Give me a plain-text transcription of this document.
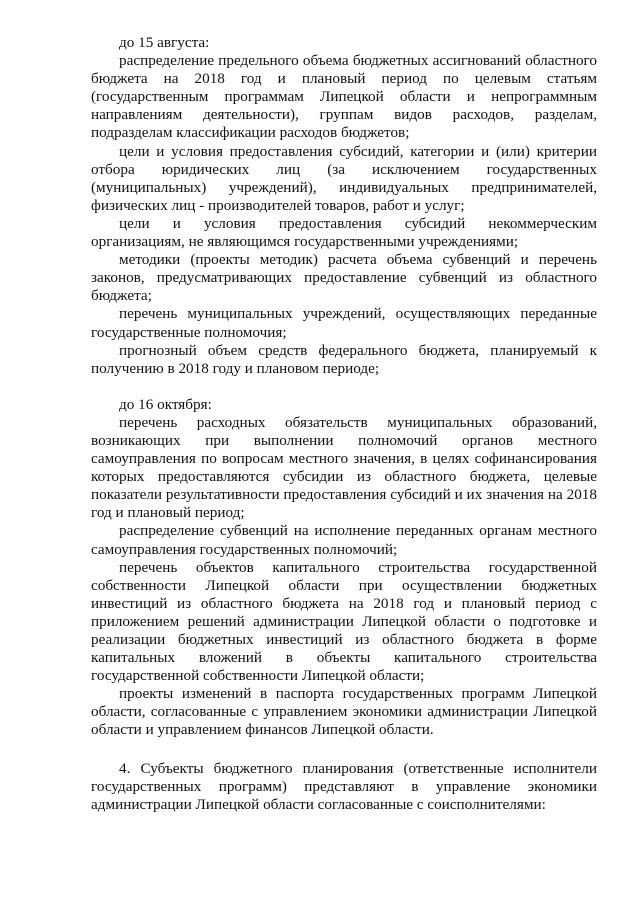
до 15 августа:

распределение предельного объема бюджетных ассигнований областного бюджета на 2018 год и плановый период по целевым статьям (государственным программам Липецкой области и непрограммным направлениям деятельности), группам видов расходов, разделам, подразделам классификации расходов бюджетов;

цели и условия предоставления субсидий, категории и (или) критерии отбора юридических лиц (за исключением государственных (муниципальных) учреждений), индивидуальных предпринимателей, физических лиц - производителей товаров, работ и услуг;

цели и условия предоставления субсидий некоммерческим организациям, не являющимся государственными учреждениями;

методики (проекты методик) расчета объема субвенций и перечень законов, предусматривающих предоставление субвенций из областного бюджета;

перечень муниципальных учреждений, осуществляющих переданные государственные полномочия;

прогнозный объем средств федерального бюджета, планируемый к получению в 2018 году и плановом периоде;

до 16 октября:

перечень расходных обязательств муниципальных образований, возникающих при выполнении полномочий органов местного самоуправления по вопросам местного значения, в целях софинансирования которых предоставляются субсидии из областного бюджета, целевые показатели результативности предоставления субсидий и их значения на 2018 год и плановый период;

распределение субвенций на исполнение переданных органам местного самоуправления государственных полномочий;

перечень объектов капитального строительства государственной собственности Липецкой области при осуществлении бюджетных инвестиций из областного бюджета на 2018 год и плановый период с приложением решений администрации Липецкой области о подготовке и реализации бюджетных инвестиций из областного бюджета в форме капитальных вложений в объекты капитального строительства государственной собственности Липецкой области;

проекты изменений в паспорта государственных программ Липецкой области, согласованные с управлением экономики администрации Липецкой области и управлением финансов Липецкой области.

4. Субъекты бюджетного планирования (ответственные исполнители государственных программ) представляют в управление экономики администрации Липецкой области согласованные с соисполнителями:
